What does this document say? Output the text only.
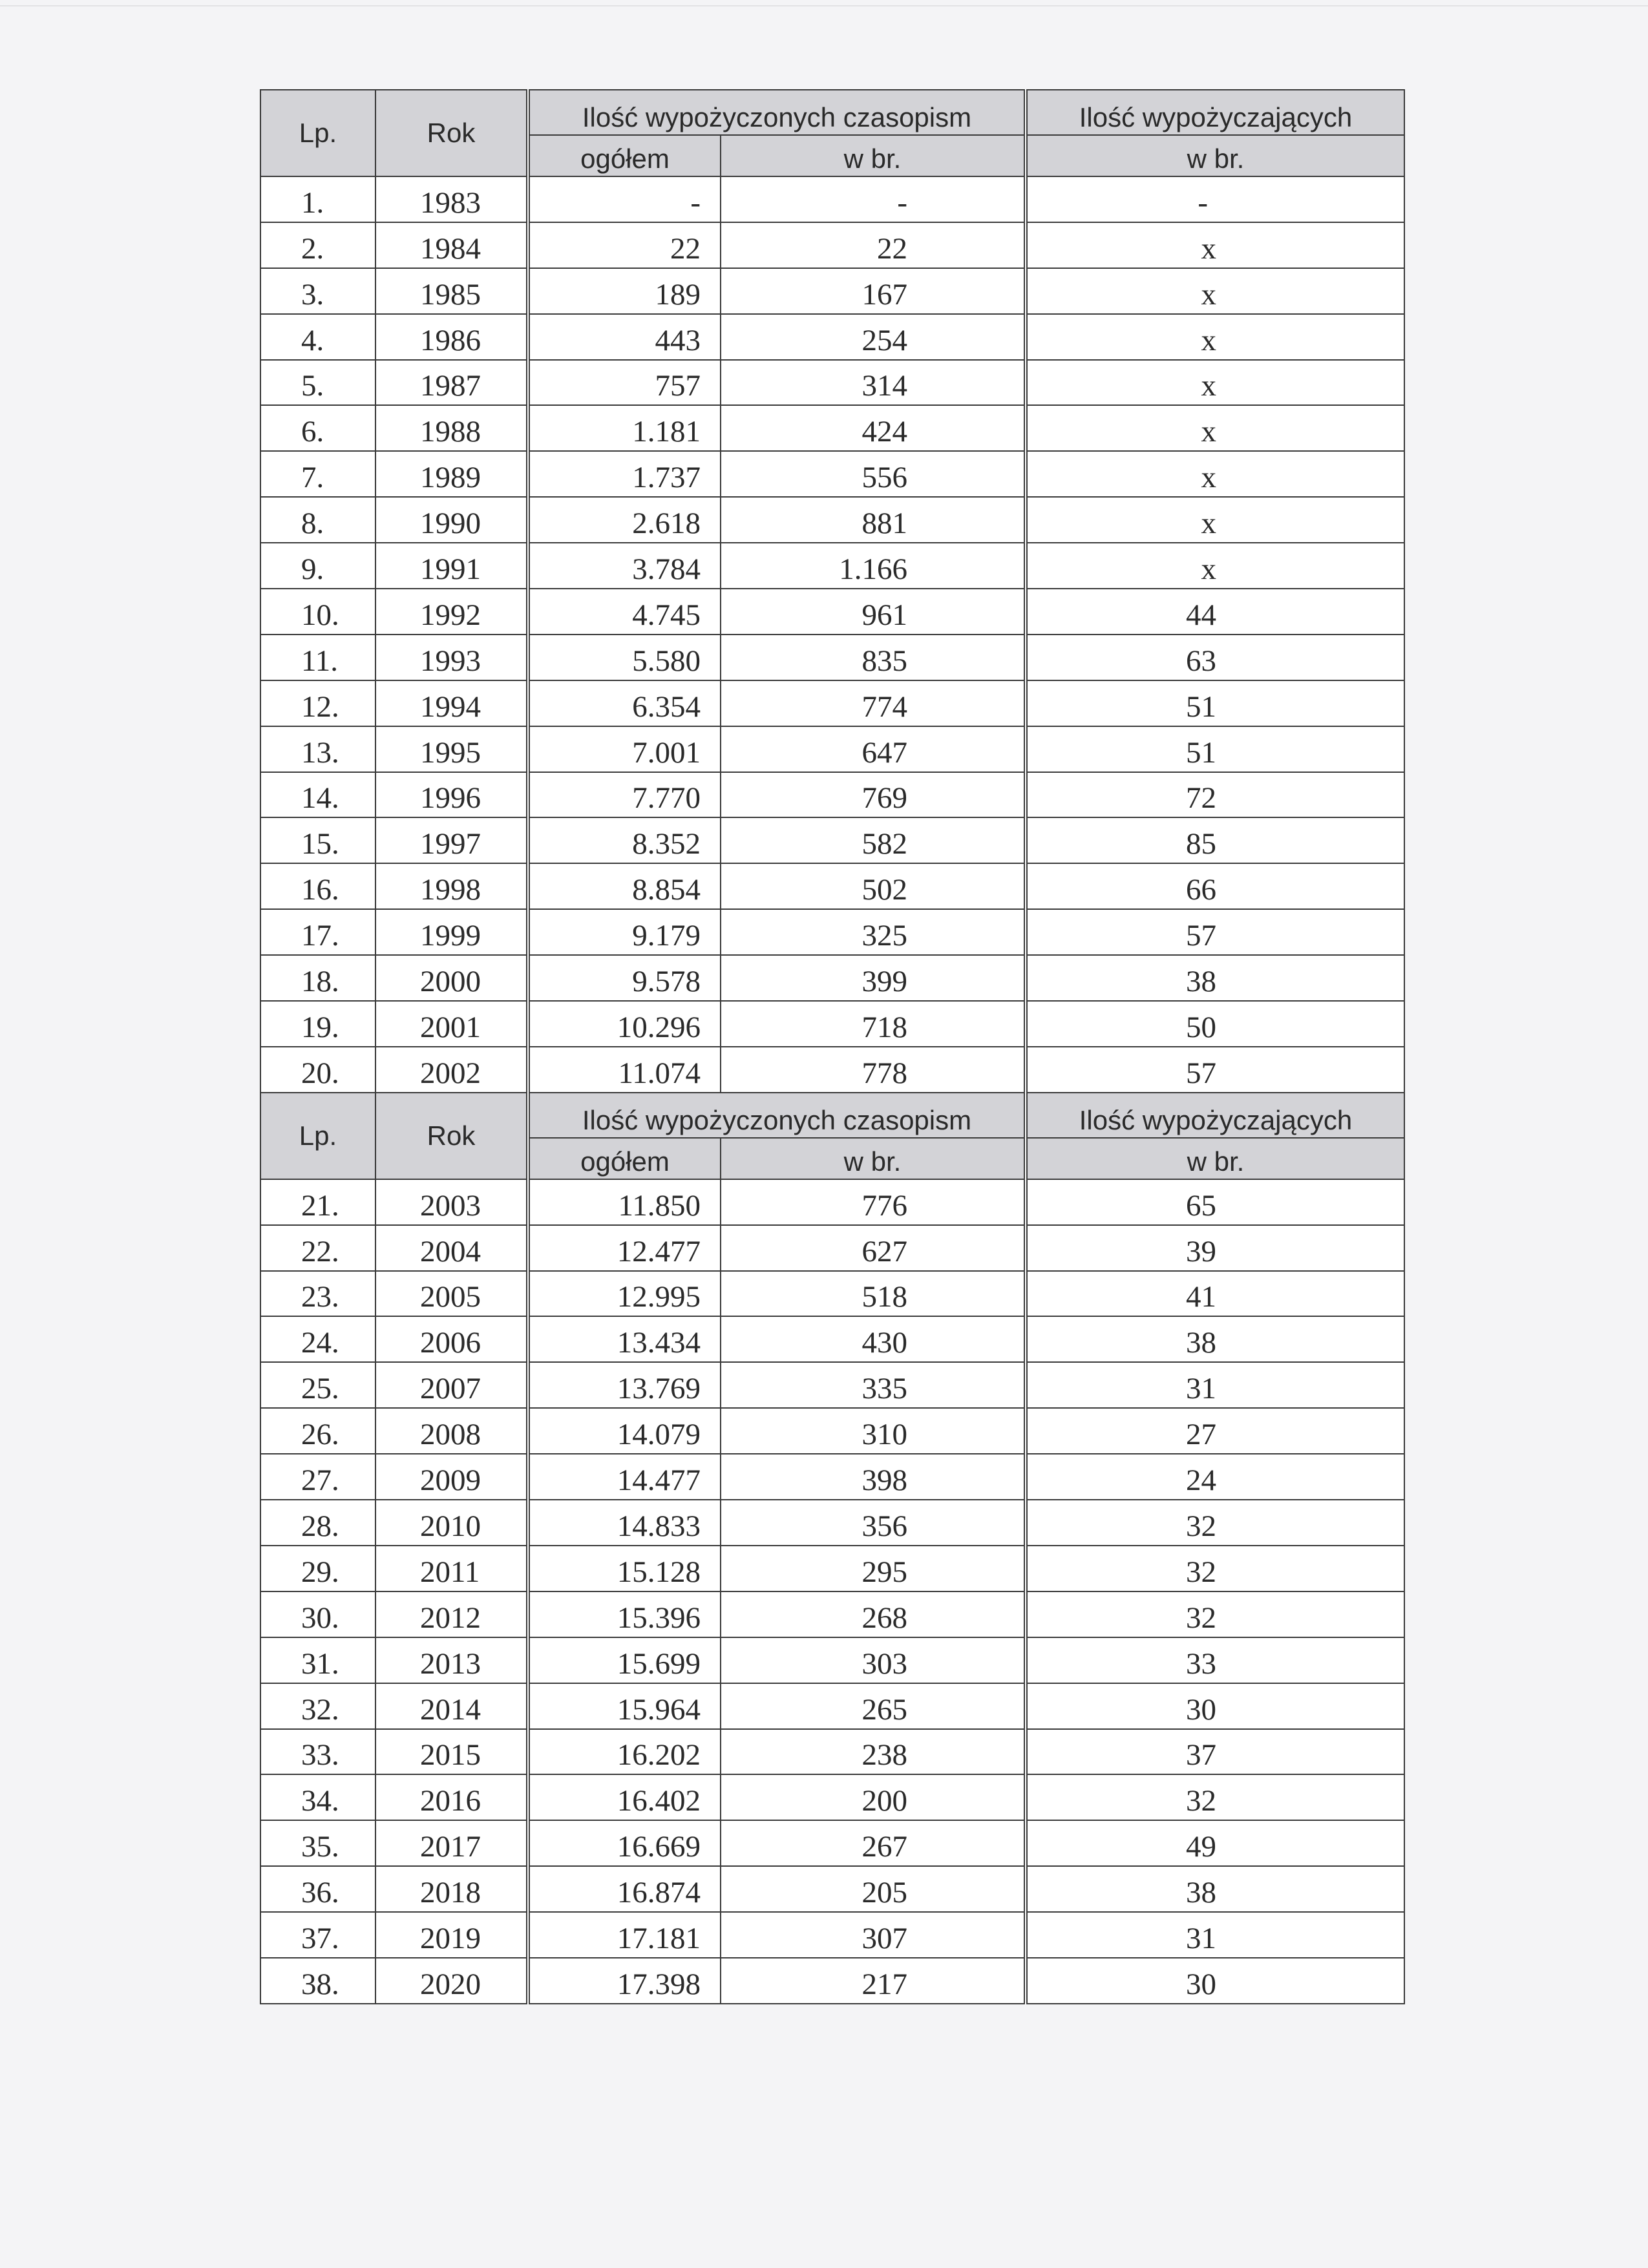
Lp.	Rok	Ilość wypożyczonych czasopism		Ilość wypożyczających
		ogółem	w br.	w br.
1.	1983	-	-	-
2.	1984	22	22	x
3.	1985	189	167	x
4.	1986	443	254	x
5.	1987	757	314	x
6.	1988	1.181	424	x
7.	1989	1.737	556	x
8.	1990	2.618	881	x
9.	1991	3.784	1.166	x
10.	1992	4.745	961	44
11.	1993	5.580	835	63
12.	1994	6.354	774	51
13.	1995	7.001	647	51
14.	1996	7.770	769	72
15.	1997	8.352	582	85
16.	1998	8.854	502	66
17.	1999	9.179	325	57
18.	2000	9.578	399	38
19.	2001	10.296	718	50
20.	2002	11.074	778	57
Lp.	Rok	Ilość wypożyczonych czasopism		Ilość wypożyczających
		ogółem	w br.	w br.
21.	2003	11.850	776	65
22.	2004	12.477	627	39
23.	2005	12.995	518	41
24.	2006	13.434	430	38
25.	2007	13.769	335	31
26.	2008	14.079	310	27
27.	2009	14.477	398	24
28.	2010	14.833	356	32
29.	2011	15.128	295	32
30.	2012	15.396	268	32
31.	2013	15.699	303	33
32.	2014	15.964	265	30
33.	2015	16.202	238	37
34.	2016	16.402	200	32
35.	2017	16.669	267	49
36.	2018	16.874	205	38
37.	2019	17.181	307	31
38.	2020	17.398	217	30
